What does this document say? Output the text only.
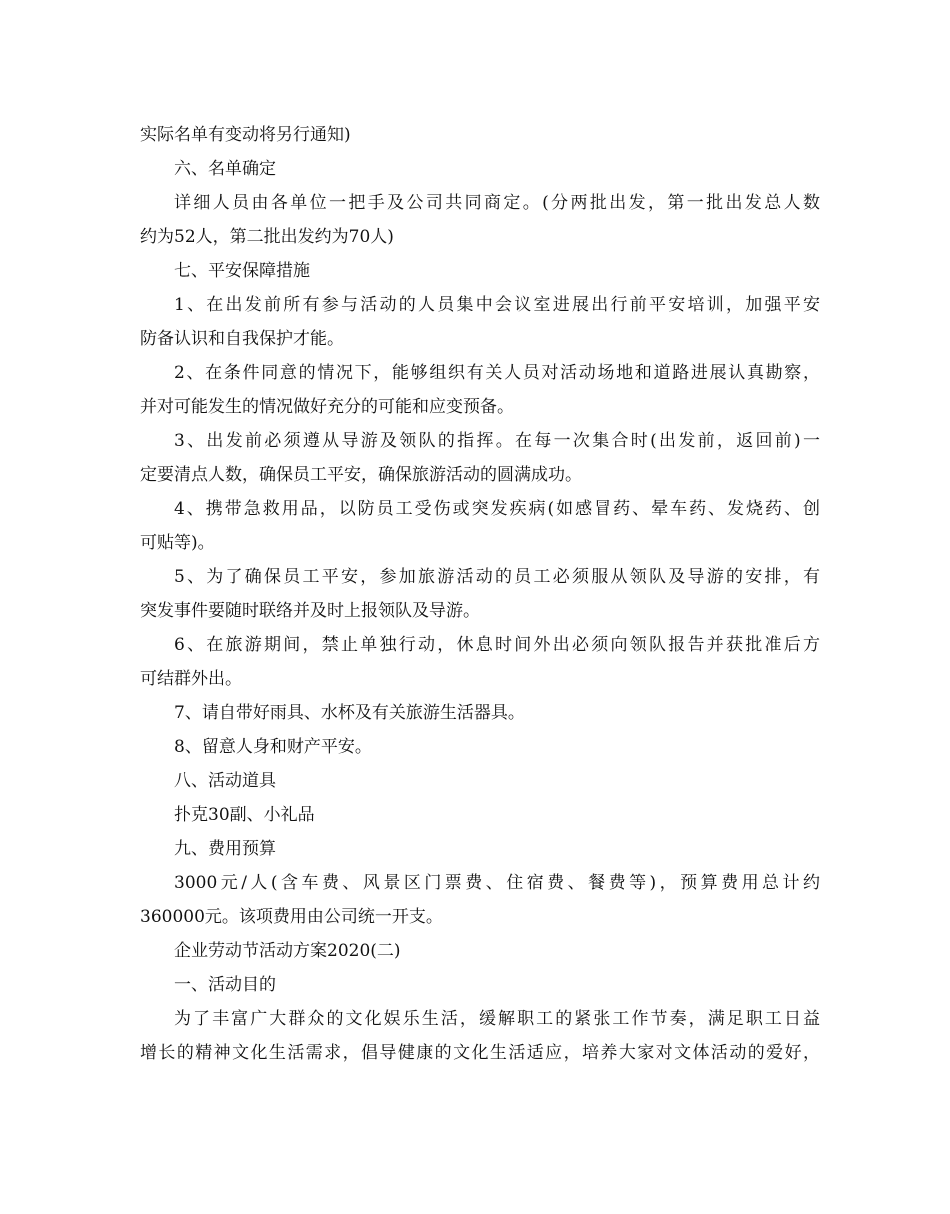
实际名单有变动将另行通知)
六、名单确定
详细人员由各单位一把手及公司共同商定。(分两批出发，第一批出发总人数
约为52人，第二批出发约为70人)
七、平安保障措施
1、在出发前所有参与活动的人员集中会议室进展出行前平安培训，加强平安
防备认识和自我保护才能。
2、在条件同意的情况下，能够组织有关人员对活动场地和道路进展认真勘察，
并对可能发生的情况做好充分的可能和应变预备。
3、出发前必须遵从导游及领队的指挥。在每一次集合时(出发前，返回前)一
定要清点人数，确保员工平安，确保旅游活动的圆满成功。
4、携带急救用品，以防员工受伤或突发疾病(如感冒药、晕车药、发烧药、创
可贴等)。
5、为了确保员工平安，参加旅游活动的员工必须服从领队及导游的安排，有
突发事件要随时联络并及时上报领队及导游。
6、在旅游期间，禁止单独行动，休息时间外出必须向领队报告并获批准后方
可结群外出。
7、请自带好雨具、水杯及有关旅游生活器具。
8、留意人身和财产平安。
八、活动道具
扑克30副、小礼品
九、费用预算
3000元/人(含车费、风景区门票费、住宿费、餐费等)，预算费用总计约
360000元。该项费用由公司统一开支。
企业劳动节活动方案2020(二)
一、活动目的
为了丰富广大群众的文化娱乐生活，缓解职工的紧张工作节奏，满足职工日益
增长的精神文化生活需求，倡导健康的文化生活适应，培养大家对文体活动的爱好，
